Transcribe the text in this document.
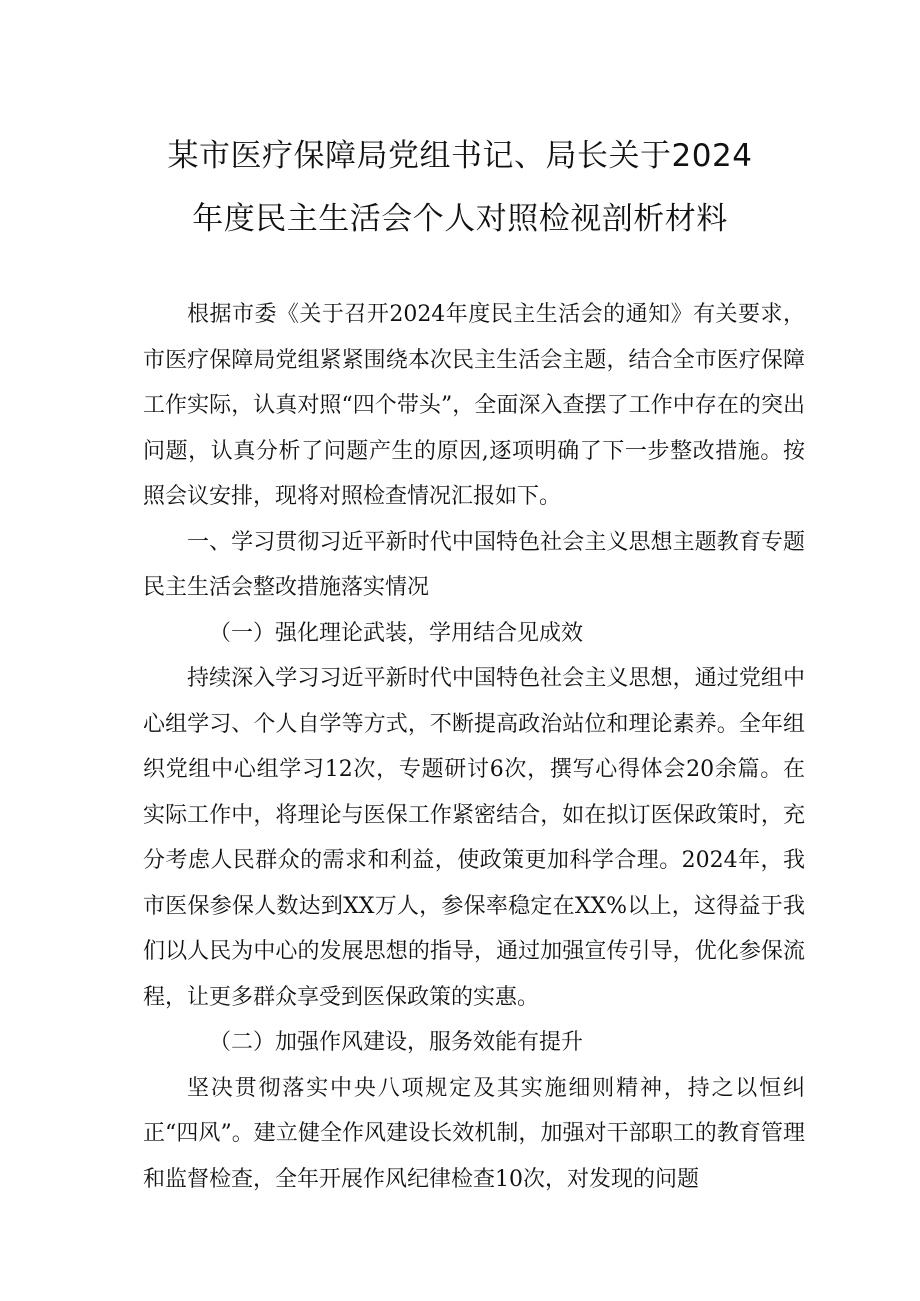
某市医疗保障局党组书记、局长关于2024
年度民主生活会个人对照检视剖析材料

根据市委《关于召开2024年度民主生活会的通知》有关要求，市医疗保障局党组紧紧围绕本次民主生活会主题，结合全市医疗保障工作实际，认真对照“四个带头”，全面深入查摆了工作中存在的突出问题，认真分析了问题产生的原因,逐项明确了下一步整改措施。按照会议安排，现将对照检查情况汇报如下。

一、学习贯彻习近平新时代中国特色社会主义思想主题教育专题民主生活会整改措施落实情况

（一）强化理论武装，学用结合见成效

持续深入学习习近平新时代中国特色社会主义思想，通过党组中心组学习、个人自学等方式，不断提高政治站位和理论素养。全年组织党组中心组学习12次，专题研讨6次，撰写心得体会20余篇。在实际工作中，将理论与医保工作紧密结合，如在拟订医保政策时，充分考虑人民群众的需求和利益，使政策更加科学合理。2024年，我市医保参保人数达到XX万人，参保率稳定在XX%以上，这得益于我们以人民为中心的发展思想的指导，通过加强宣传引导，优化参保流程，让更多群众享受到医保政策的实惠。

（二）加强作风建设，服务效能有提升

坚决贯彻落实中央八项规定及其实施细则精神，持之以恒纠正“四风”。建立健全作风建设长效机制，加强对干部职工的教育管理和监督检查，全年开展作风纪律检查10次，对发现的问题
